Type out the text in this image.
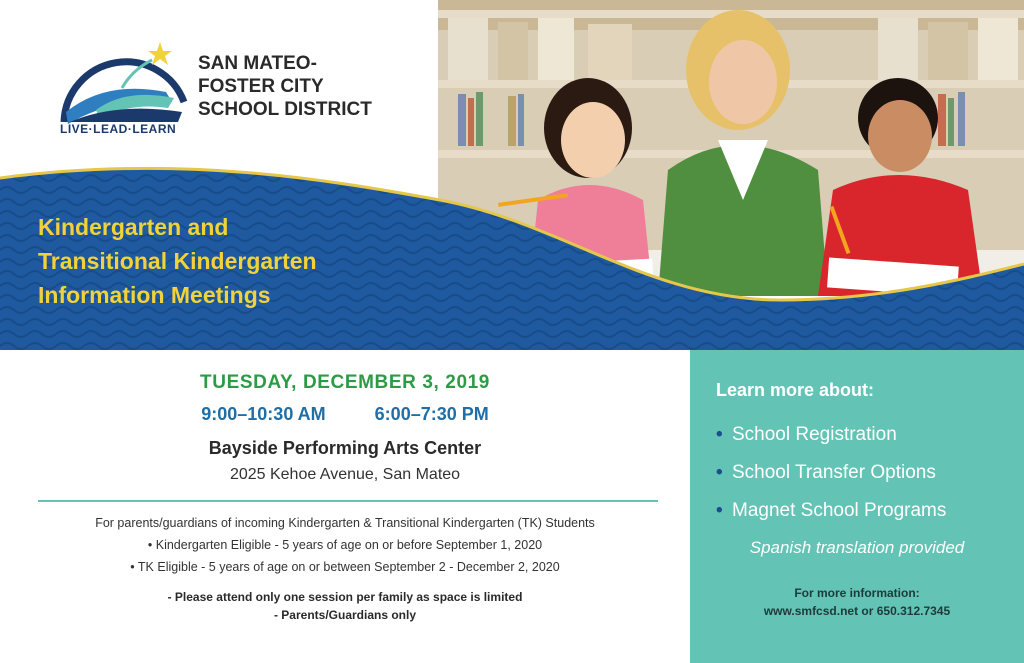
LIVE·LEAD·LEARN
SAN MATEO-
FOSTER CITY
SCHOOL DISTRICT
Kindergarten and
Transitional Kindergarten
Information Meetings
TUESDAY, DECEMBER 3, 2019
9:00–10:30 AM	6:00–7:30 PM
Bayside Performing Arts Center
2025 Kehoe Avenue, San Mateo
For parents/guardians of incoming Kindergarten & Transitional Kindergarten (TK) Students
• Kindergarten Eligible - 5 years of age on or before September 1, 2020
• TK Eligible - 5 years of age on or between September 2 - December 2, 2020
- Please attend only one session per family as space is limited
- Parents/Guardians only
Learn more about:
• School Registration
• School Transfer Options
• Magnet School Programs
Spanish translation provided
For more information:
www.smfcsd.net or 650.312.7345
